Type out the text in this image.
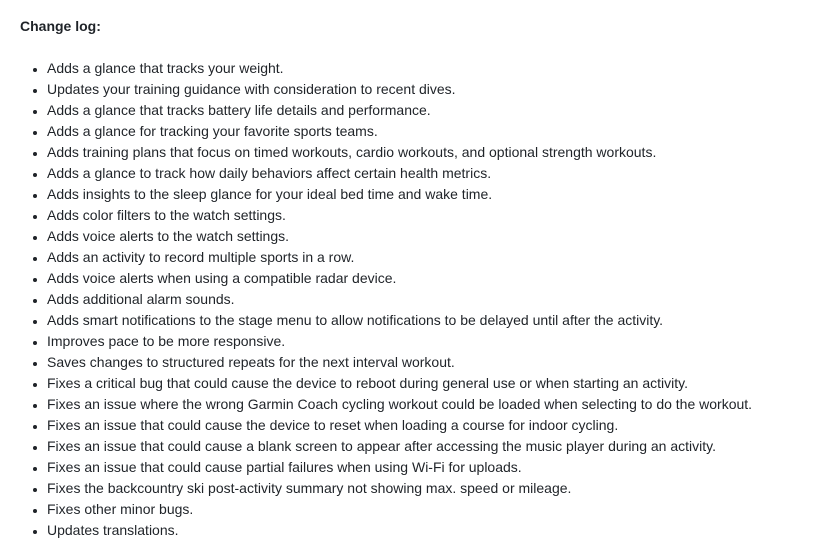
Change log:

• Adds a glance that tracks your weight.
• Updates your training guidance with consideration to recent dives.
• Adds a glance that tracks battery life details and performance.
• Adds a glance for tracking your favorite sports teams.
• Adds training plans that focus on timed workouts, cardio workouts, and optional strength workouts.
• Adds a glance to track how daily behaviors affect certain health metrics.
• Adds insights to the sleep glance for your ideal bed time and wake time.
• Adds color filters to the watch settings.
• Adds voice alerts to the watch settings.
• Adds an activity to record multiple sports in a row.
• Adds voice alerts when using a compatible radar device.
• Adds additional alarm sounds.
• Adds smart notifications to the stage menu to allow notifications to be delayed until after the activity.
• Improves pace to be more responsive.
• Saves changes to structured repeats for the next interval workout.
• Fixes a critical bug that could cause the device to reboot during general use or when starting an activity.
• Fixes an issue where the wrong Garmin Coach cycling workout could be loaded when selecting to do the workout.
• Fixes an issue that could cause the device to reset when loading a course for indoor cycling.
• Fixes an issue that could cause a blank screen to appear after accessing the music player during an activity.
• Fixes an issue that could cause partial failures when using Wi-Fi for uploads.
• Fixes the backcountry ski post-activity summary not showing max. speed or mileage.
• Fixes other minor bugs.
• Updates translations.
